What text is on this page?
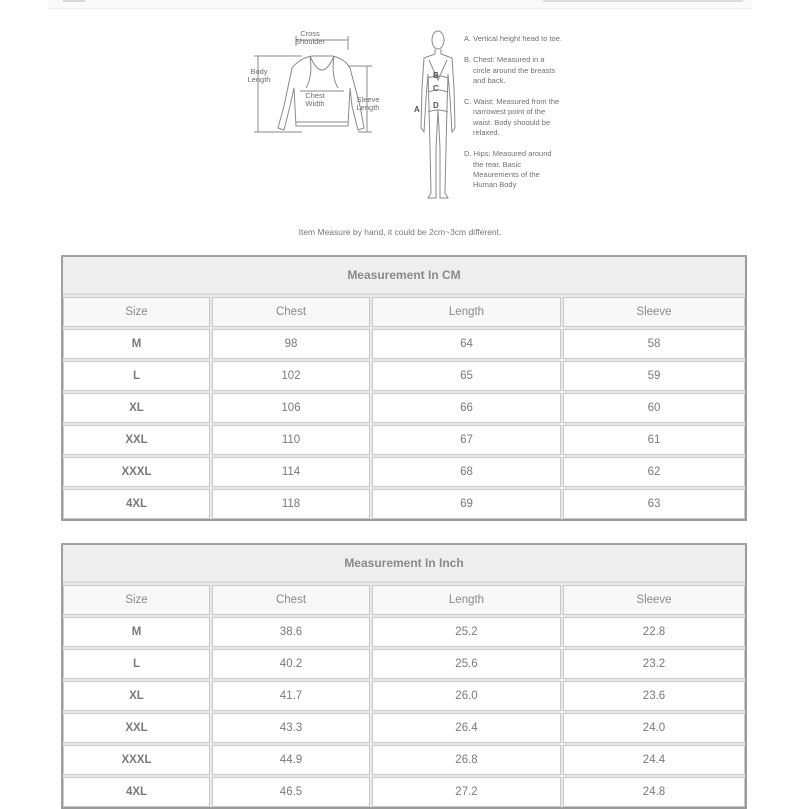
Cross Shoulder
Body Length
Chest Width	Sleeve Length
B
C
D
A
A. Vertical height head to toe.
B. Chest: Measured in a circle around the breasts and back.
C. Waist: Measured from the narrowest point of the waist. Body shoould be relaxed.
D. Hips: Measured around the rear. Basic Meaurements of the Human Body
Item Measure by hand, it could be 2cm~3cm different.
Measurement In CM
Size	Chest	Length	Sleeve
M	98	64	58
L	102	65	59
XL	106	66	60
XXL	110	67	61
XXXL	114	68	62
4XL	118	69	63
Measurement In Inch
Size	Chest	Length	Sleeve
M	38.6	25.2	22.8
L	40.2	25.6	23.2
XL	41.7	26.0	23.6
XXL	43.3	26.4	24.0
XXXL	44.9	26.8	24.4
4XL	46.5	27.2	24.8
